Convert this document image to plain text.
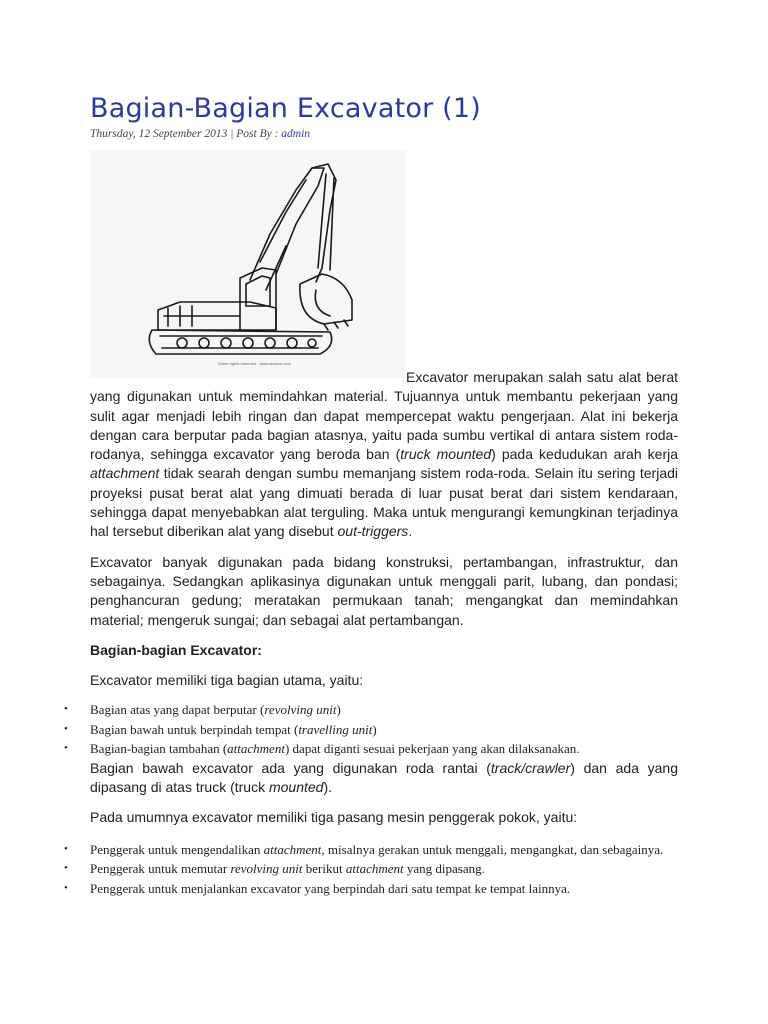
Bagian-Bagian Excavator (1)
Thursday, 12 September 2013 | Post By : admin
Some rights reserved · www.atresco.com

Excavator merupakan salah satu alat berat yang digunakan untuk memindahkan material. Tujuannya untuk membantu pekerjaan yang sulit agar menjadi lebih ringan dan dapat mempercepat waktu pengerjaan. Alat ini bekerja dengan cara berputar pada bagian atasnya, yaitu pada sumbu vertikal di antara sistem roda-rodanya, sehingga excavator yang beroda ban (truck mounted) pada kedudukan arah kerja attachment tidak searah dengan sumbu memanjang sistem roda-roda. Selain itu sering terjadi proyeksi pusat berat alat yang dimuati berada di luar pusat berat dari sistem kendaraan, sehingga dapat menyebabkan alat terguling. Maka untuk mengurangi kemungkinan terjadinya hal tersebut diberikan alat yang disebut out-triggers.

Excavator banyak digunakan pada bidang konstruksi, pertambangan, infrastruktur, dan sebagainya. Sedangkan aplikasinya digunakan untuk menggali parit, lubang, dan pondasi; penghancuran gedung; meratakan permukaan tanah; mengangkat dan memindahkan material; mengeruk sungai; dan sebagai alat pertambangan.

Bagian-bagian Excavator:

Excavator memiliki tiga bagian utama, yaitu:

• Bagian atas yang dapat berputar (revolving unit)
• Bagian bawah untuk berpindah tempat (travelling unit)
• Bagian-bagian tambahan (attachment) dapat diganti sesuai pekerjaan yang akan dilaksanakan.

Bagian bawah excavator ada yang digunakan roda rantai (track/crawler) dan ada yang dipasang di atas truck (truck mounted).

Pada umumnya excavator memiliki tiga pasang mesin penggerak pokok, yaitu:

• Penggerak untuk mengendalikan attachment, misalnya gerakan untuk menggali, mengangkat, dan sebagainya.
• Penggerak untuk memutar revolving unit berikut attachment yang dipasang.
• Penggerak untuk menjalankan excavator yang berpindah dari satu tempat ke tempat lainnya.
